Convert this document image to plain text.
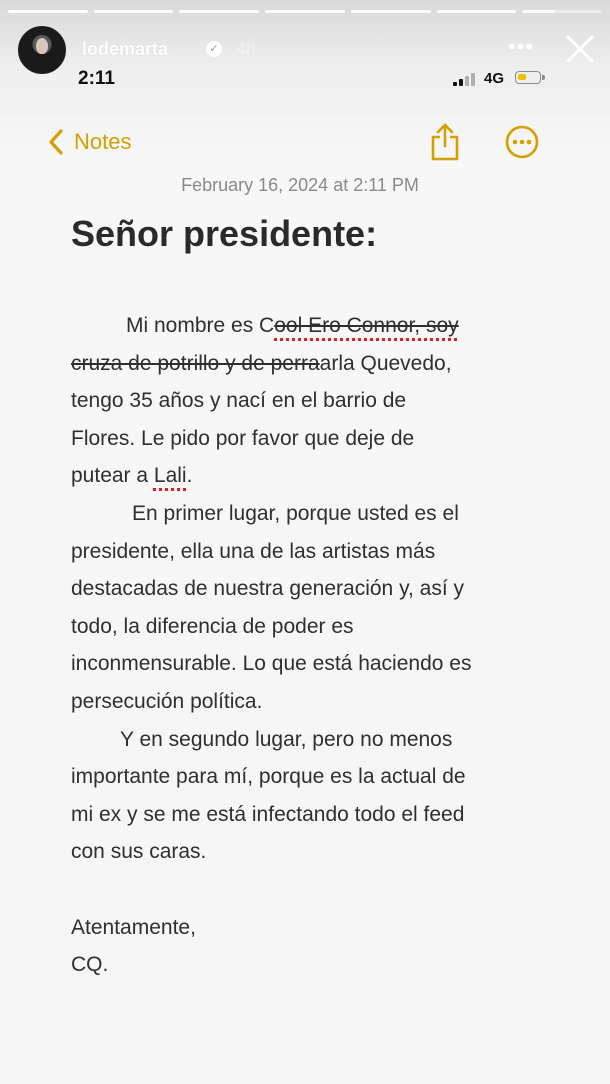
lodemarta	✓ 4h	•••
2:11	4G
Notes
February 16, 2024 at 2:11 PM
Señor presidente:
Mi nombre es Cool Ero Connor, soy
cruza de potrillo y de perraarla Quevedo,
tengo 35 años y nací en el barrio de
Flores. Le pido por favor que deje de
putear a Lali.
En primer lugar, porque usted es el
presidente, ella una de las artistas más
destacadas de nuestra generación y, así y
todo, la diferencia de poder es
inconmensurable. Lo que está haciendo es
persecución política.
Y en segundo lugar, pero no menos
importante para mí, porque es la actual de
mi ex y se me está infectando todo el feed
con sus caras.
Atentamente,
CQ.
